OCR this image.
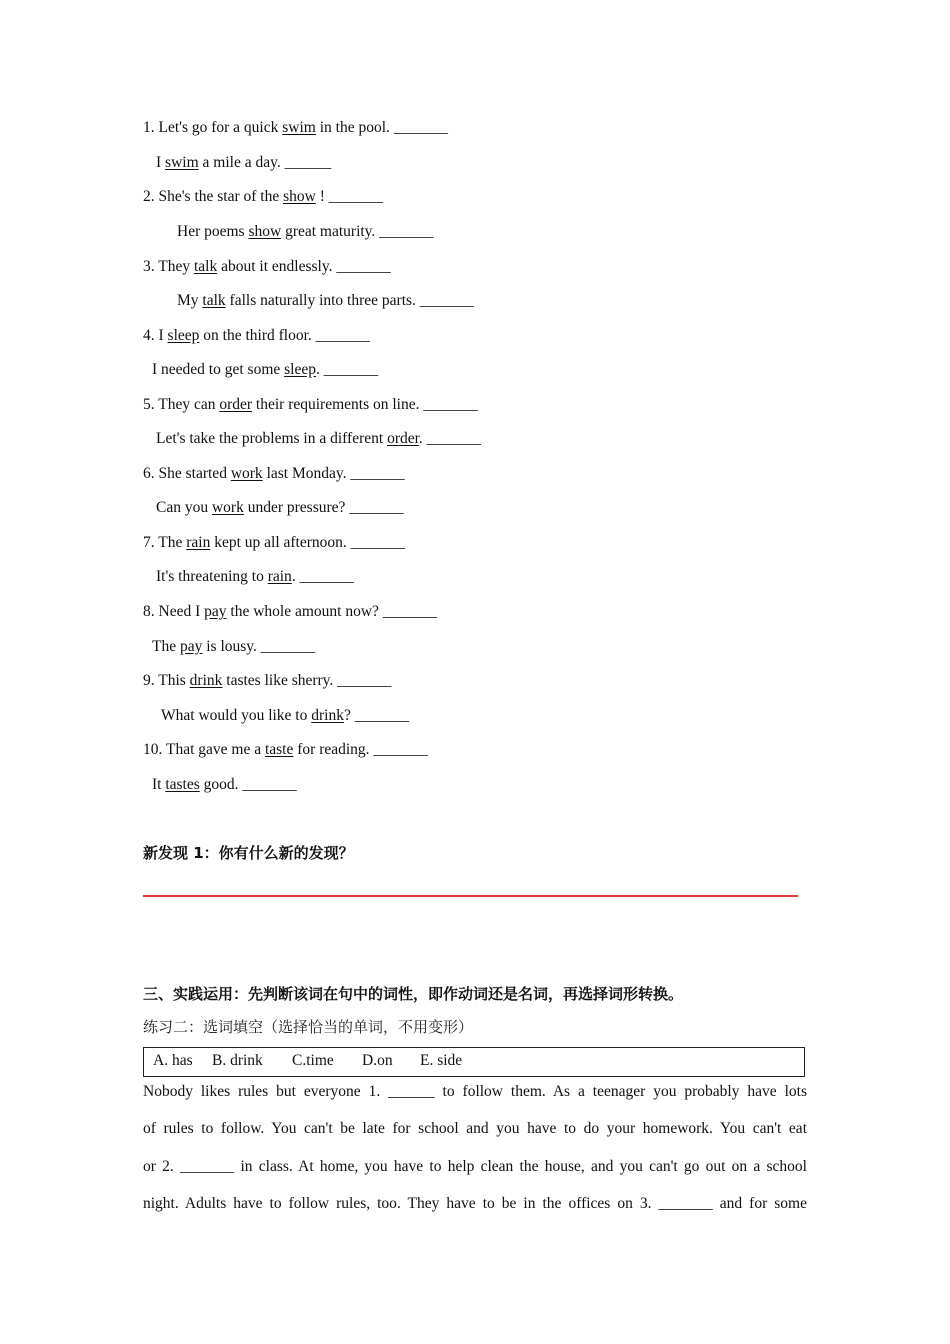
1. Let's go for a quick swim in the pool. _______
I swim a mile a day. ______
2. She's the star of the show ! _______
Her poems show great maturity. _______
3. They talk about it endlessly. _______
My talk falls naturally into three parts. _______
4. I sleep on the third floor. _______
I needed to get some sleep. _______
5. They can order their requirements on line. _______
Let's take the problems in a different order. _______
6. She started work last Monday. _______
Can you work under pressure? _______
7. The rain kept up all afternoon. _______
It's threatening to rain. _______
8. Need I pay the whole amount now? _______
The pay is lousy. _______
9. This drink tastes like sherry. _______
What would you like to drink? _______
10. That gave me a taste for reading. _______
It tastes good. _______
新发现 1：你有什么新的发现？
三、实践运用：先判断该词在句中的词性，即作动词还是名词，再选择词形转换。
练习二：选词填空（选择恰当的单词，不用变形）
A. has B. drink C.time D.on E. side
Nobody likes rules but everyone 1. ______ to follow them. As a teenager you probably have lots
of rules to follow. You can't be late for school and you have to do your homework. You can't eat
or 2. _______ in class. At home, you have to help clean the house, and you can't go out on a school
night. Adults have to follow rules, too. They have to be in the offices on 3. _______ and for some
